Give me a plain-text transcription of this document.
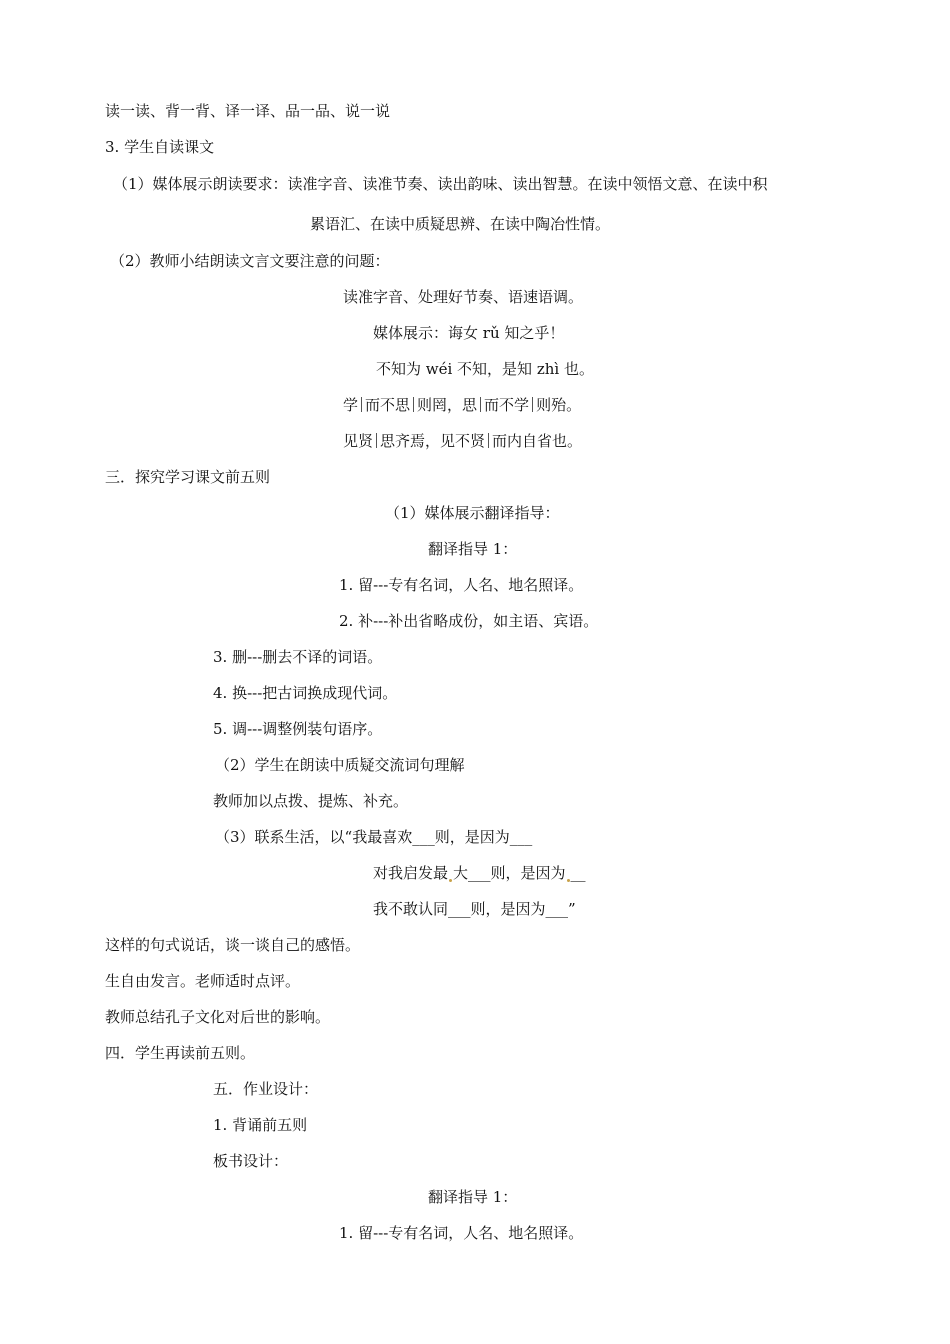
读一读、背一背、译一译、品一品、说一说
3. 学生自读课文
（1）媒体展示朗读要求：读准字音、读准节奏、读出韵味、读出智慧。在读中领悟文意、在读中积
累语汇、在读中质疑思辨、在读中陶冶性情。
（2）教师小结朗读文言文要注意的问题：
读准字音、处理好节奏、语速语调。
媒体展示：诲女 rǔ 知之乎！
不知为 wéi 不知，是知 zhì 也。
学 而不思 则罔，思 而不学 则殆。
见贤 思齐焉，见不贤 而内自省也。
三．探究学习课文前五则
（1）媒体展示翻译指导：
翻译指导 1：
1. 留---专有名词，人名、地名照译。
2. 补---补出省略成份，如主语、宾语。
3. 删---删去不译的词语。
4. 换---把古词换成现代词。
5. 调---调整例装句语序。
（2）学生在朗读中质疑交流词句理解
教师加以点拨、提炼、补充。
（3）联系生活，以“我最喜欢___则，是因为___
对我启发最 大___则，是因为 __
我不敢认同___则，是因为___”
这样的句式说话，谈一谈自己的感悟。
生自由发言。老师适时点评。
教师总结孔子文化对后世的影响。
四．学生再读前五则。
五．作业设计：
1. 背诵前五则
板书设计：
翻译指导 1：
1. 留---专有名词，人名、地名照译。
